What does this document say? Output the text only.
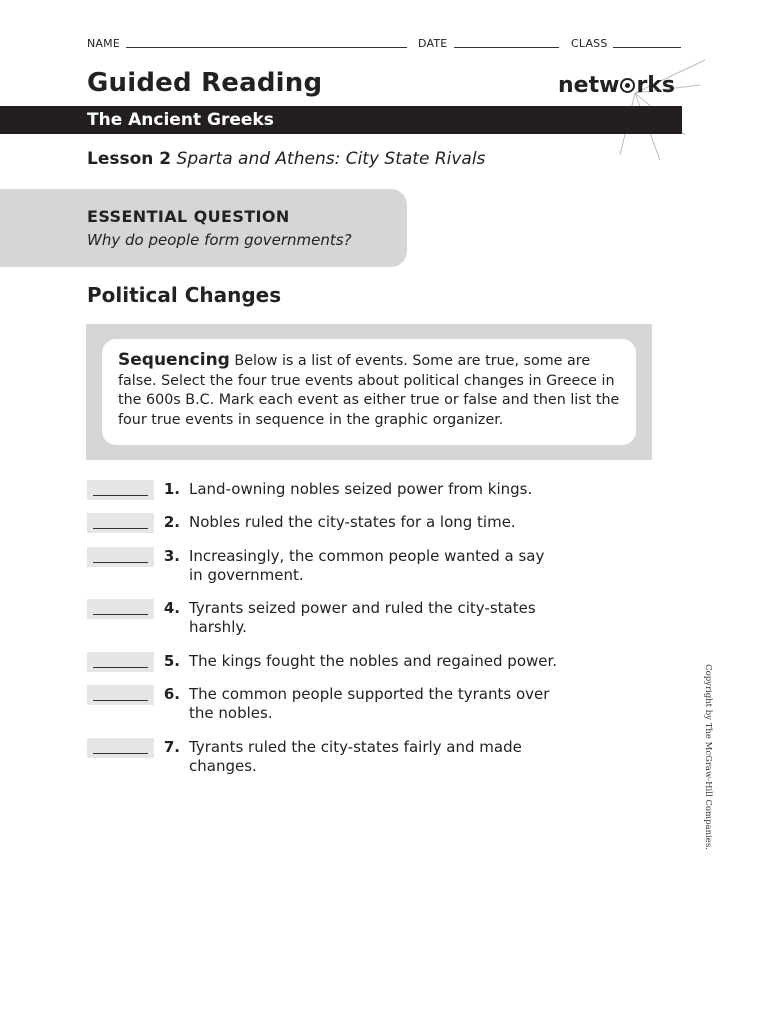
NAME	DATE	CLASS
Guided Reading	netw rks
The Ancient Greeks
Lesson 2 Sparta and Athens: City State Rivals
ESSENTIAL QUESTION
Why do people form governments?
Political Changes
Sequencing Below is a list of events. Some are true, some are false. Select the four true events about political changes in Greece in the 600s B.C. Mark each event as either true or false and then list the four true events in sequence in the graphic organizer.
1. Land-owning nobles seized power from kings.
2. Nobles ruled the city-states for a long time.
3. Increasingly, the common people wanted a say in government.
4. Tyrants seized power and ruled the city-states harshly.
5. The kings fought the nobles and regained power.
6. The common people supported the tyrants over the nobles.
7. Tyrants ruled the city-states fairly and made changes.	Copyright by The McGraw-Hill Companies.
